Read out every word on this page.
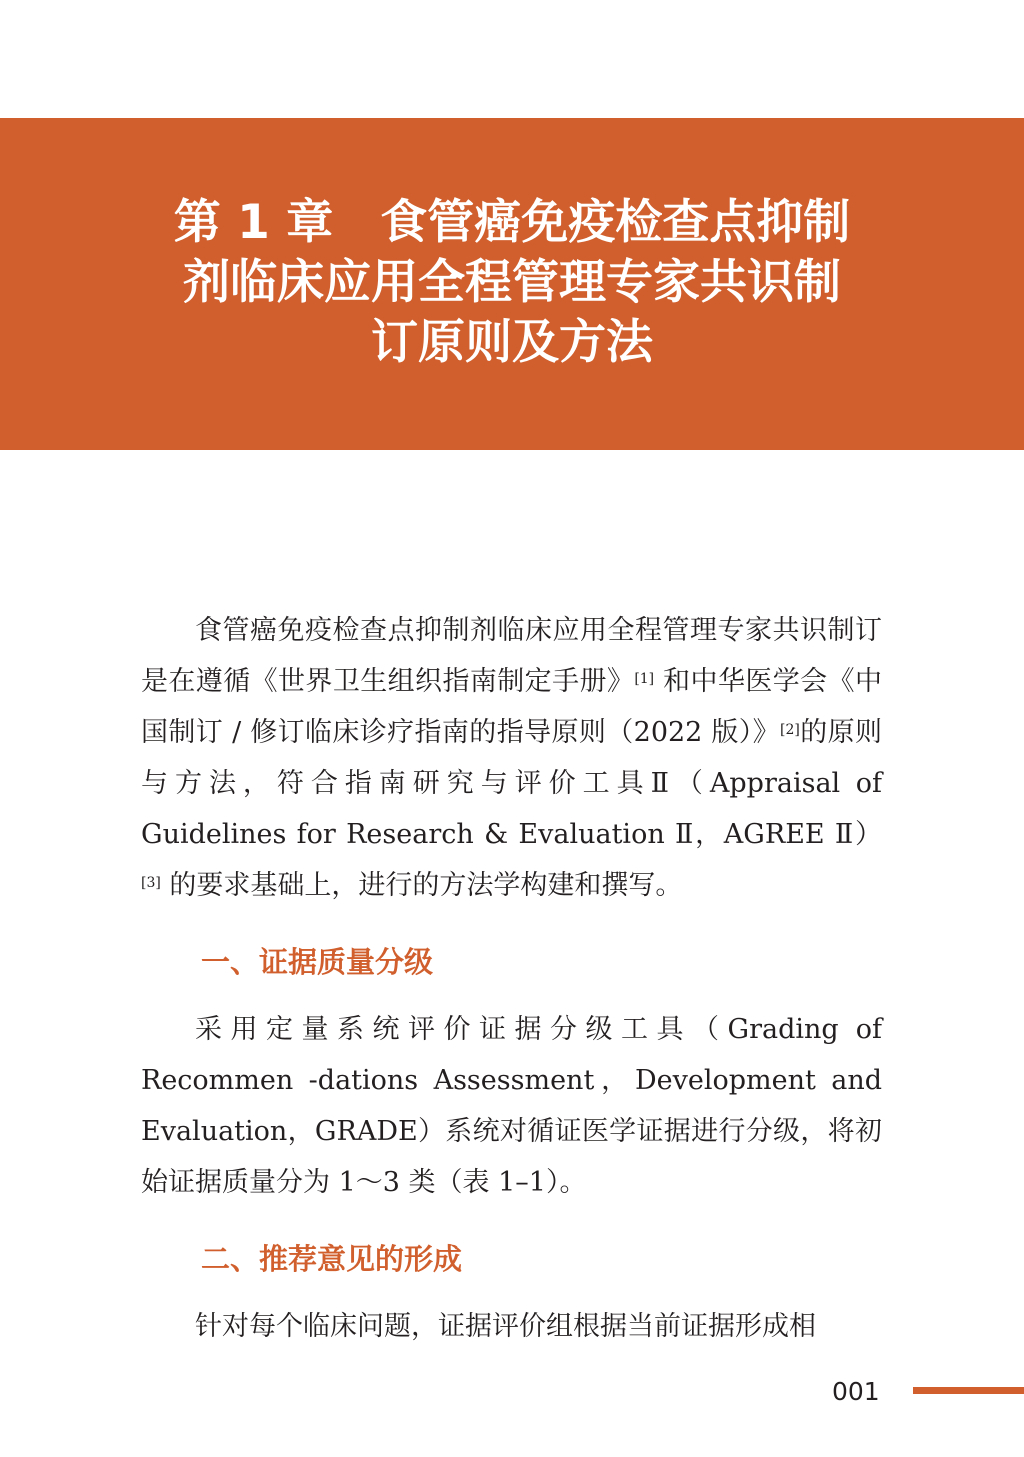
第 1 章　食管癌免疫检查点抑制
剂临床应用全程管理专家共识制
订原则及方法

食管癌免疫检查点抑制剂临床应用全程管理专家共识制订是在遵循《世界卫生组织指南制定手册》[1] 和中华医学会《中国制订 / 修订临床诊疗指南的指导原则（2022 版）》[2]的原则与方法，符合指南研究与评价工具Ⅱ（Appraisal of Guidelines for Research & Evaluation Ⅱ，AGREE Ⅱ）[3] 的要求基础上，进行的方法学构建和撰写。

一、证据质量分级

采用定量系统评价证据分级工具（Grading of Recommen -dations Assessment，Development and Evaluation，GRADE）系统对循证医学证据进行分级，将初始证据质量分为 1～3 类（表 1–1）。

二、推荐意见的形成

针对每个临床问题，证据评价组根据当前证据形成相

001
